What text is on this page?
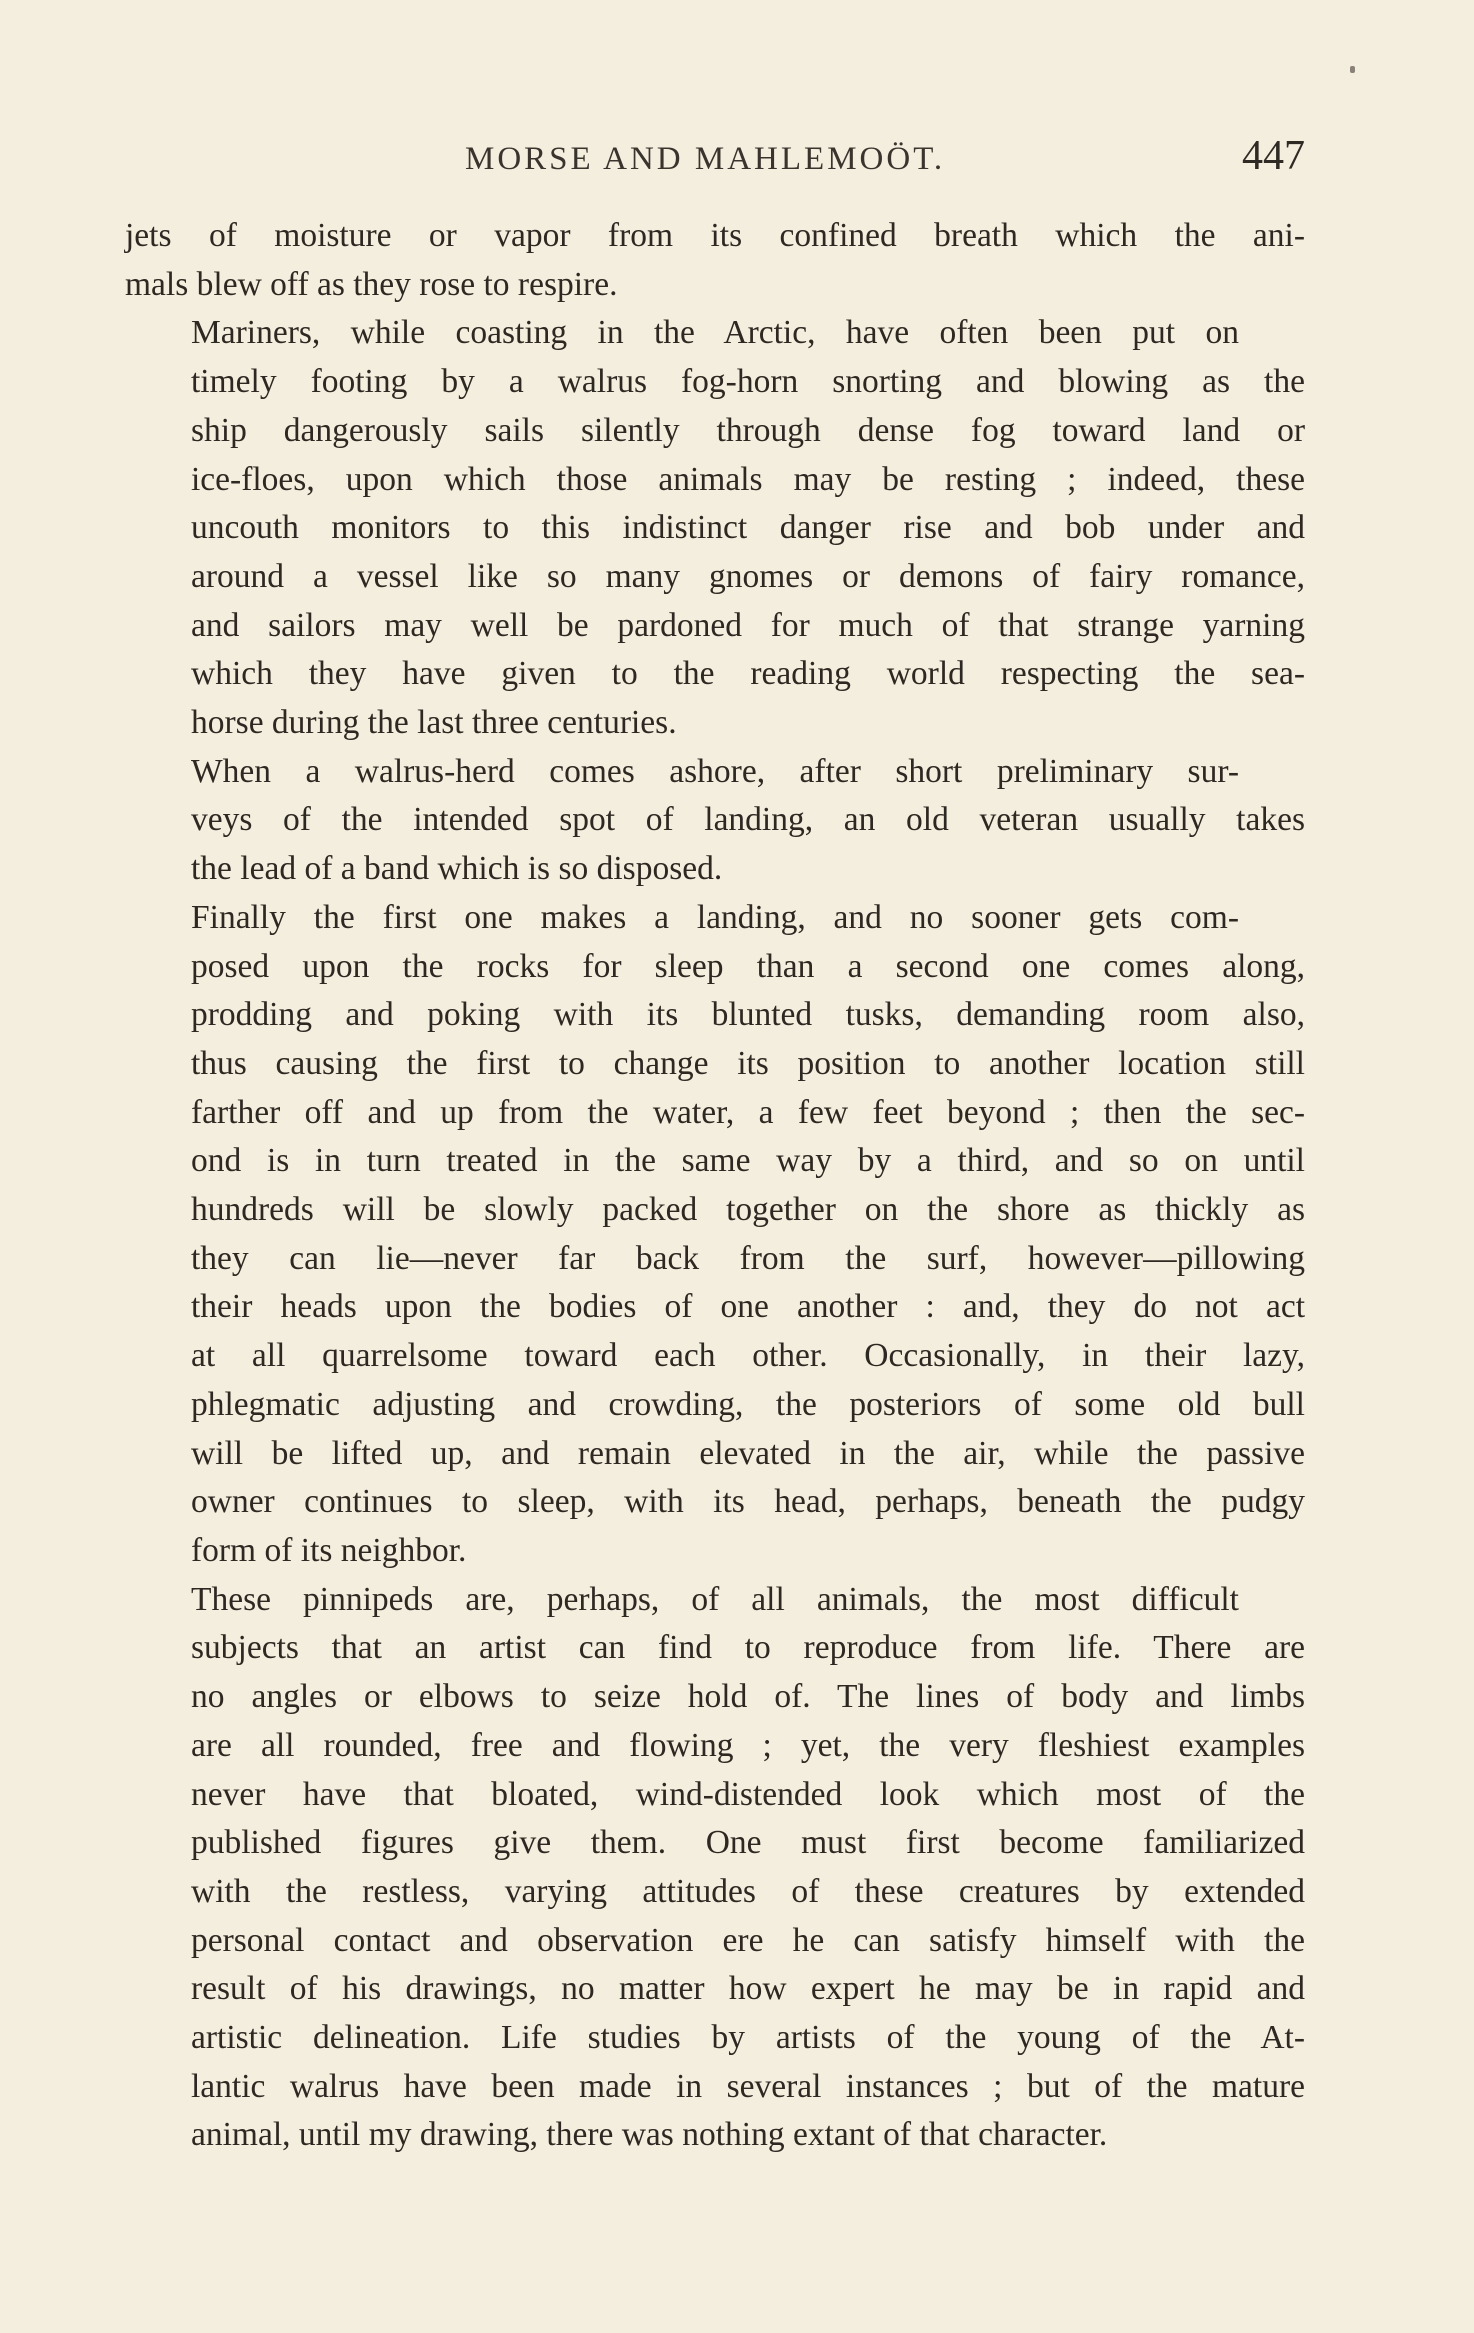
MORSE AND MAHLEMOÖT.	447

jets of moisture or vapor from its confined breath which the ani-
mals blew off as they rose to respire.

Mariners, while coasting in the Arctic, have often been put on
timely footing by a walrus fog-horn snorting and blowing as the
ship dangerously sails silently through dense fog toward land or
ice-floes, upon which those animals may be resting ; indeed, these
uncouth monitors to this indistinct danger rise and bob under and
around a vessel like so many gnomes or demons of fairy romance,
and sailors may well be pardoned for much of that strange yarning
which they have given to the reading world respecting the sea-
horse during the last three centuries.

When a walrus-herd comes ashore, after short preliminary sur-
veys of the intended spot of landing, an old veteran usually takes
the lead of a band which is so disposed.

Finally the first one makes a landing, and no sooner gets com-
posed upon the rocks for sleep than a second one comes along,
prodding and poking with its blunted tusks, demanding room also,
thus causing the first to change its position to another location still
farther off and up from the water, a few feet beyond ; then the sec-
ond is in turn treated in the same way by a third, and so on until
hundreds will be slowly packed together on the shore as thickly as
they can lie—never far back from the surf, however—pillowing
their heads upon the bodies of one another : and, they do not act
at all quarrelsome toward each other. Occasionally, in their lazy,
phlegmatic adjusting and crowding, the posteriors of some old bull
will be lifted up, and remain elevated in the air, while the passive
owner continues to sleep, with its head, perhaps, beneath the pudgy
form of its neighbor.

These pinnipeds are, perhaps, of all animals, the most difficult
subjects that an artist can find to reproduce from life. There are
no angles or elbows to seize hold of. The lines of body and limbs
are all rounded, free and flowing ; yet, the very fleshiest examples
never have that bloated, wind-distended look which most of the
published figures give them. One must first become familiarized
with the restless, varying attitudes of these creatures by extended
personal contact and observation ere he can satisfy himself with the
result of his drawings, no matter how expert he may be in rapid and
artistic delineation. Life studies by artists of the young of the At-
lantic walrus have been made in several instances ; but of the mature
animal, until my drawing, there was nothing extant of that character.
